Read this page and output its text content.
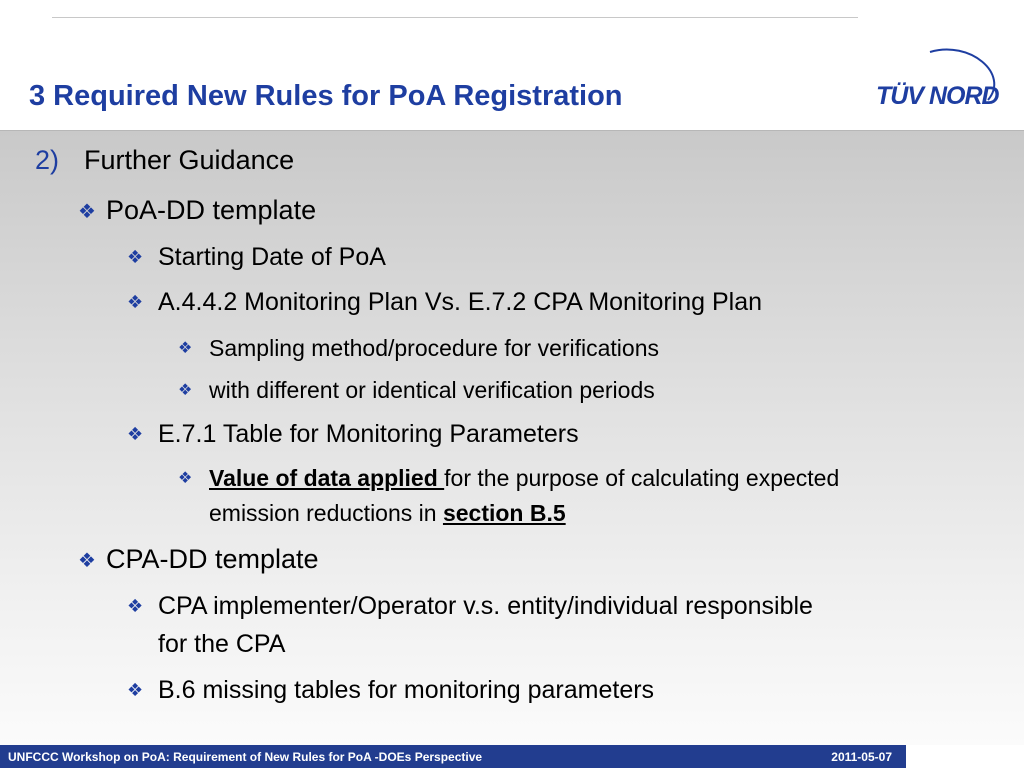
3 Required New Rules for PoA Registration	TÜV NORD
2) Further Guidance
❖ PoA-DD template
❖ Starting Date of PoA
❖ A.4.4.2 Monitoring Plan Vs. E.7.2 CPA Monitoring Plan
❖ Sampling method/procedure for verifications
❖ with different or identical verification periods
❖ E.7.1 Table for Monitoring Parameters
❖ Value of data applied for the purpose of calculating expected
emission reductions in section B.5
❖ CPA-DD template
❖ CPA implementer/Operator v.s. entity/individual responsible
for the CPA
❖ B.6 missing tables for monitoring parameters
UNFCCC Workshop on PoA: Requirement of New Rules for PoA -DOEs Perspective	2011-05-07
